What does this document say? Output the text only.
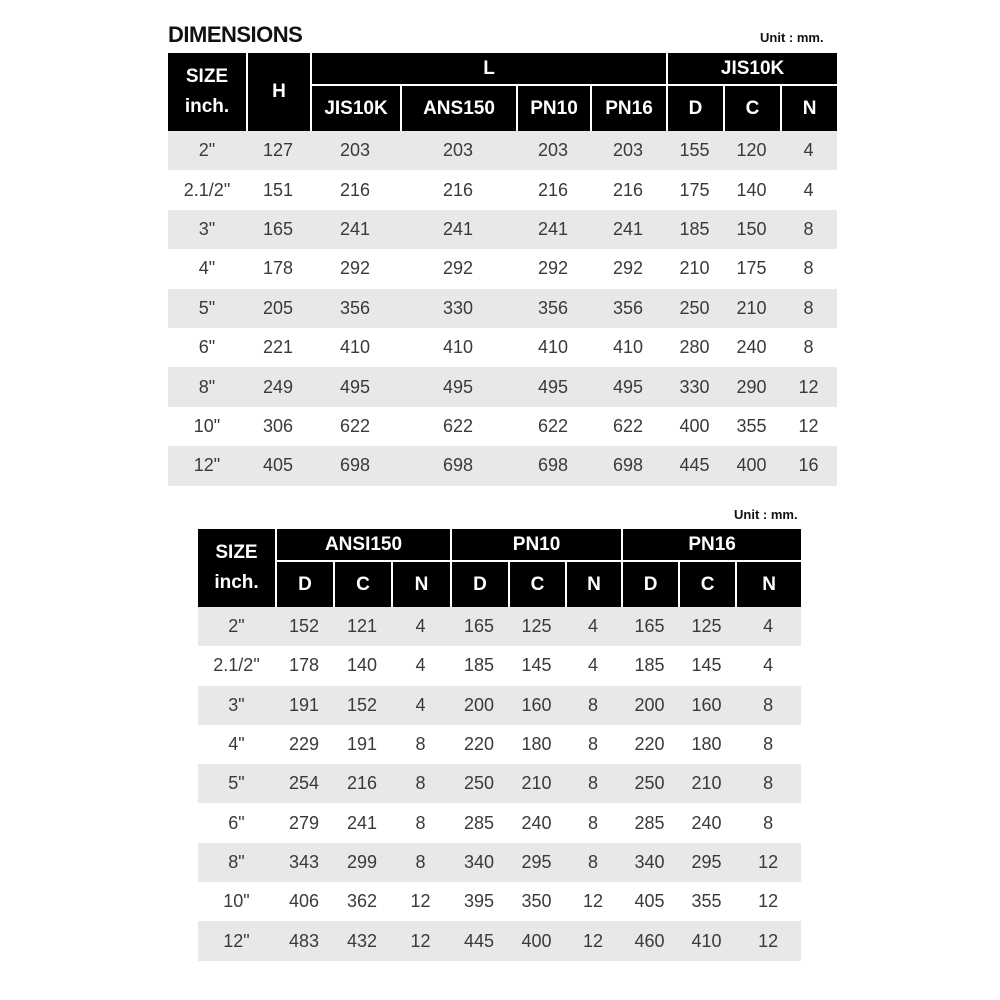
DIMENSIONS	Unit : mm.
Unit : mm.
SIZE
inch.	H	L				JIS10K		
		JIS10K	ANS150	PN10	PN16	D	C	N
2"	127	203	203	203	203	155	120	4
2.1/2"	151	216	216	216	216	175	140	4
3"	165	241	241	241	241	185	150	8
4"	178	292	292	292	292	210	175	8
5"	205	356	330	356	356	250	210	8
6"	221	410	410	410	410	280	240	8
8"	249	495	495	495	495	330	290	12
10"	306	622	622	622	622	400	355	12
12"	405	698	698	698	698	445	400	16
SIZE
inch.	ANSI150			PN10			PN16		
	D	C	N	D	C	N	D	C	N
2"	152	121	4	165	125	4	165	125	4
2.1/2"	178	140	4	185	145	4	185	145	4
3"	191	152	4	200	160	8	200	160	8
4"	229	191	8	220	180	8	220	180	8
5"	254	216	8	250	210	8	250	210	8
6"	279	241	8	285	240	8	285	240	8
8"	343	299	8	340	295	8	340	295	12
10"	406	362	12	395	350	12	405	355	12
12"	483	432	12	445	400	12	460	410	12
